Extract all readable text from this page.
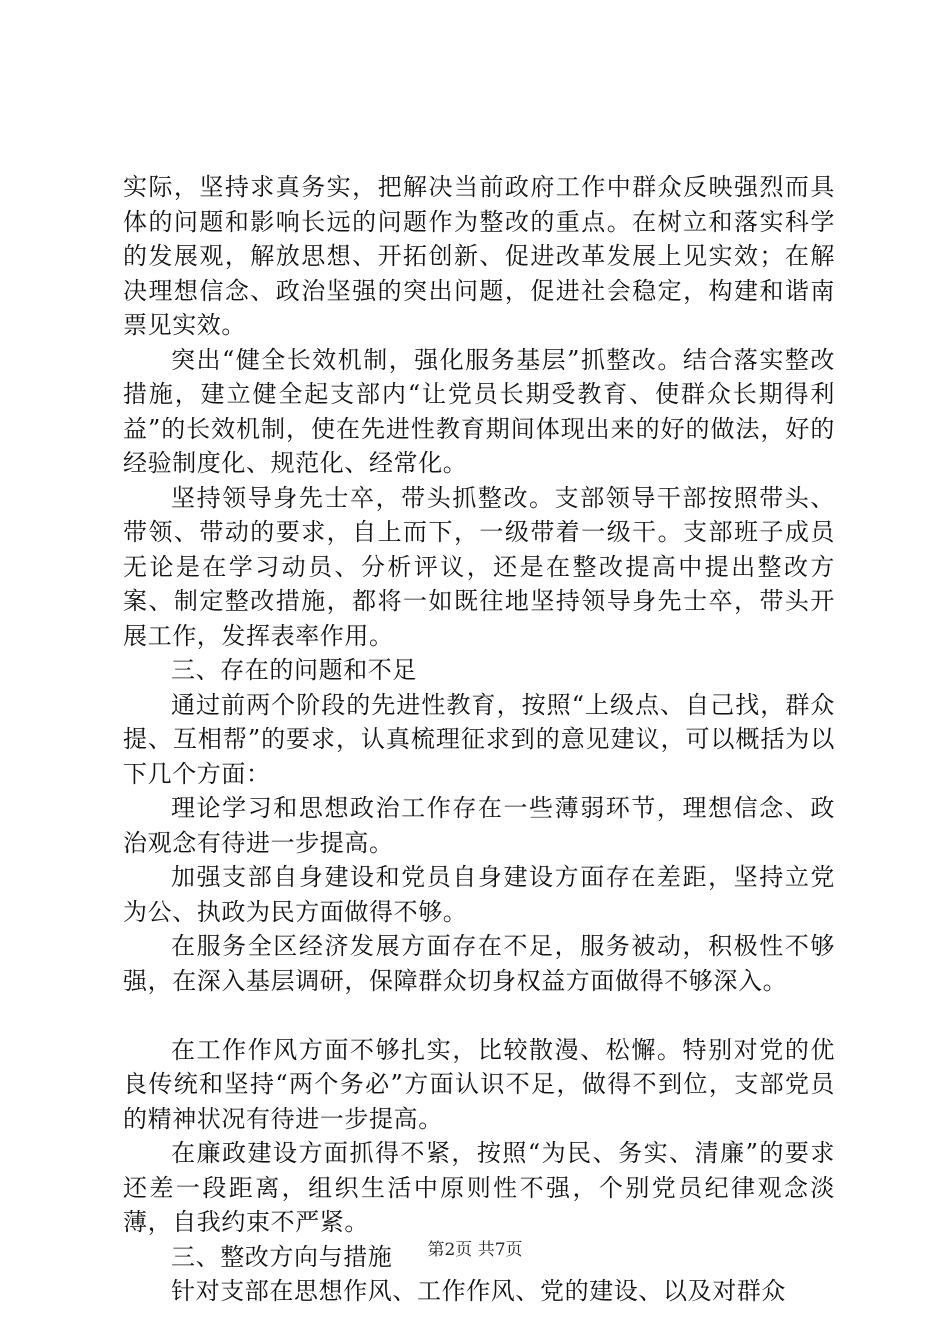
实际，坚持求真务实，把解决当前政府工作中群众反映强烈而具体的问题和影响长远的问题作为整改的重点。在树立和落实科学的发展观，解放思想、开拓创新、促进改革发展上见实效；在解决理想信念、政治坚强的突出问题，促进社会稳定，构建和谐南票见实效。

突出“健全长效机制，强化服务基层”抓整改。结合落实整改措施，建立健全起支部内“让党员长期受教育、使群众长期得利益”的长效机制，使在先进性教育期间体现出来的好的做法，好的经验制度化、规范化、经常化。

坚持领导身先士卒，带头抓整改。支部领导干部按照带头、带领、带动的要求，自上而下，一级带着一级干。支部班子成员无论是在学习动员、分析评议，还是在整改提高中提出整改方案、制定整改措施，都将一如既往地坚持领导身先士卒，带头开展工作，发挥表率作用。

三、存在的问题和不足

通过前两个阶段的先进性教育，按照“上级点、自己找，群众提、互相帮”的要求，认真梳理征求到的意见建议，可以概括为以下几个方面：

理论学习和思想政治工作存在一些薄弱环节，理想信念、政治观念有待进一步提高。

加强支部自身建设和党员自身建设方面存在差距，坚持立党为公、执政为民方面做得不够。

在服务全区经济发展方面存在不足，服务被动，积极性不够强，在深入基层调研，保障群众切身权益方面做得不够深入。

在工作作风方面不够扎实，比较散漫、松懈。特别对党的优良传统和坚持“两个务必”方面认识不足，做得不到位，支部党员的精神状况有待进一步提高。

在廉政建设方面抓得不紧，按照“为民、务实、清廉”的要求还差一段距离，组织生活中原则性不强，个别党员纪律观念淡薄，自我约束不严紧。

三、整改方向与措施

针对支部在思想作风、工作作风、党的建设、以及对群众

第2页 共7页
